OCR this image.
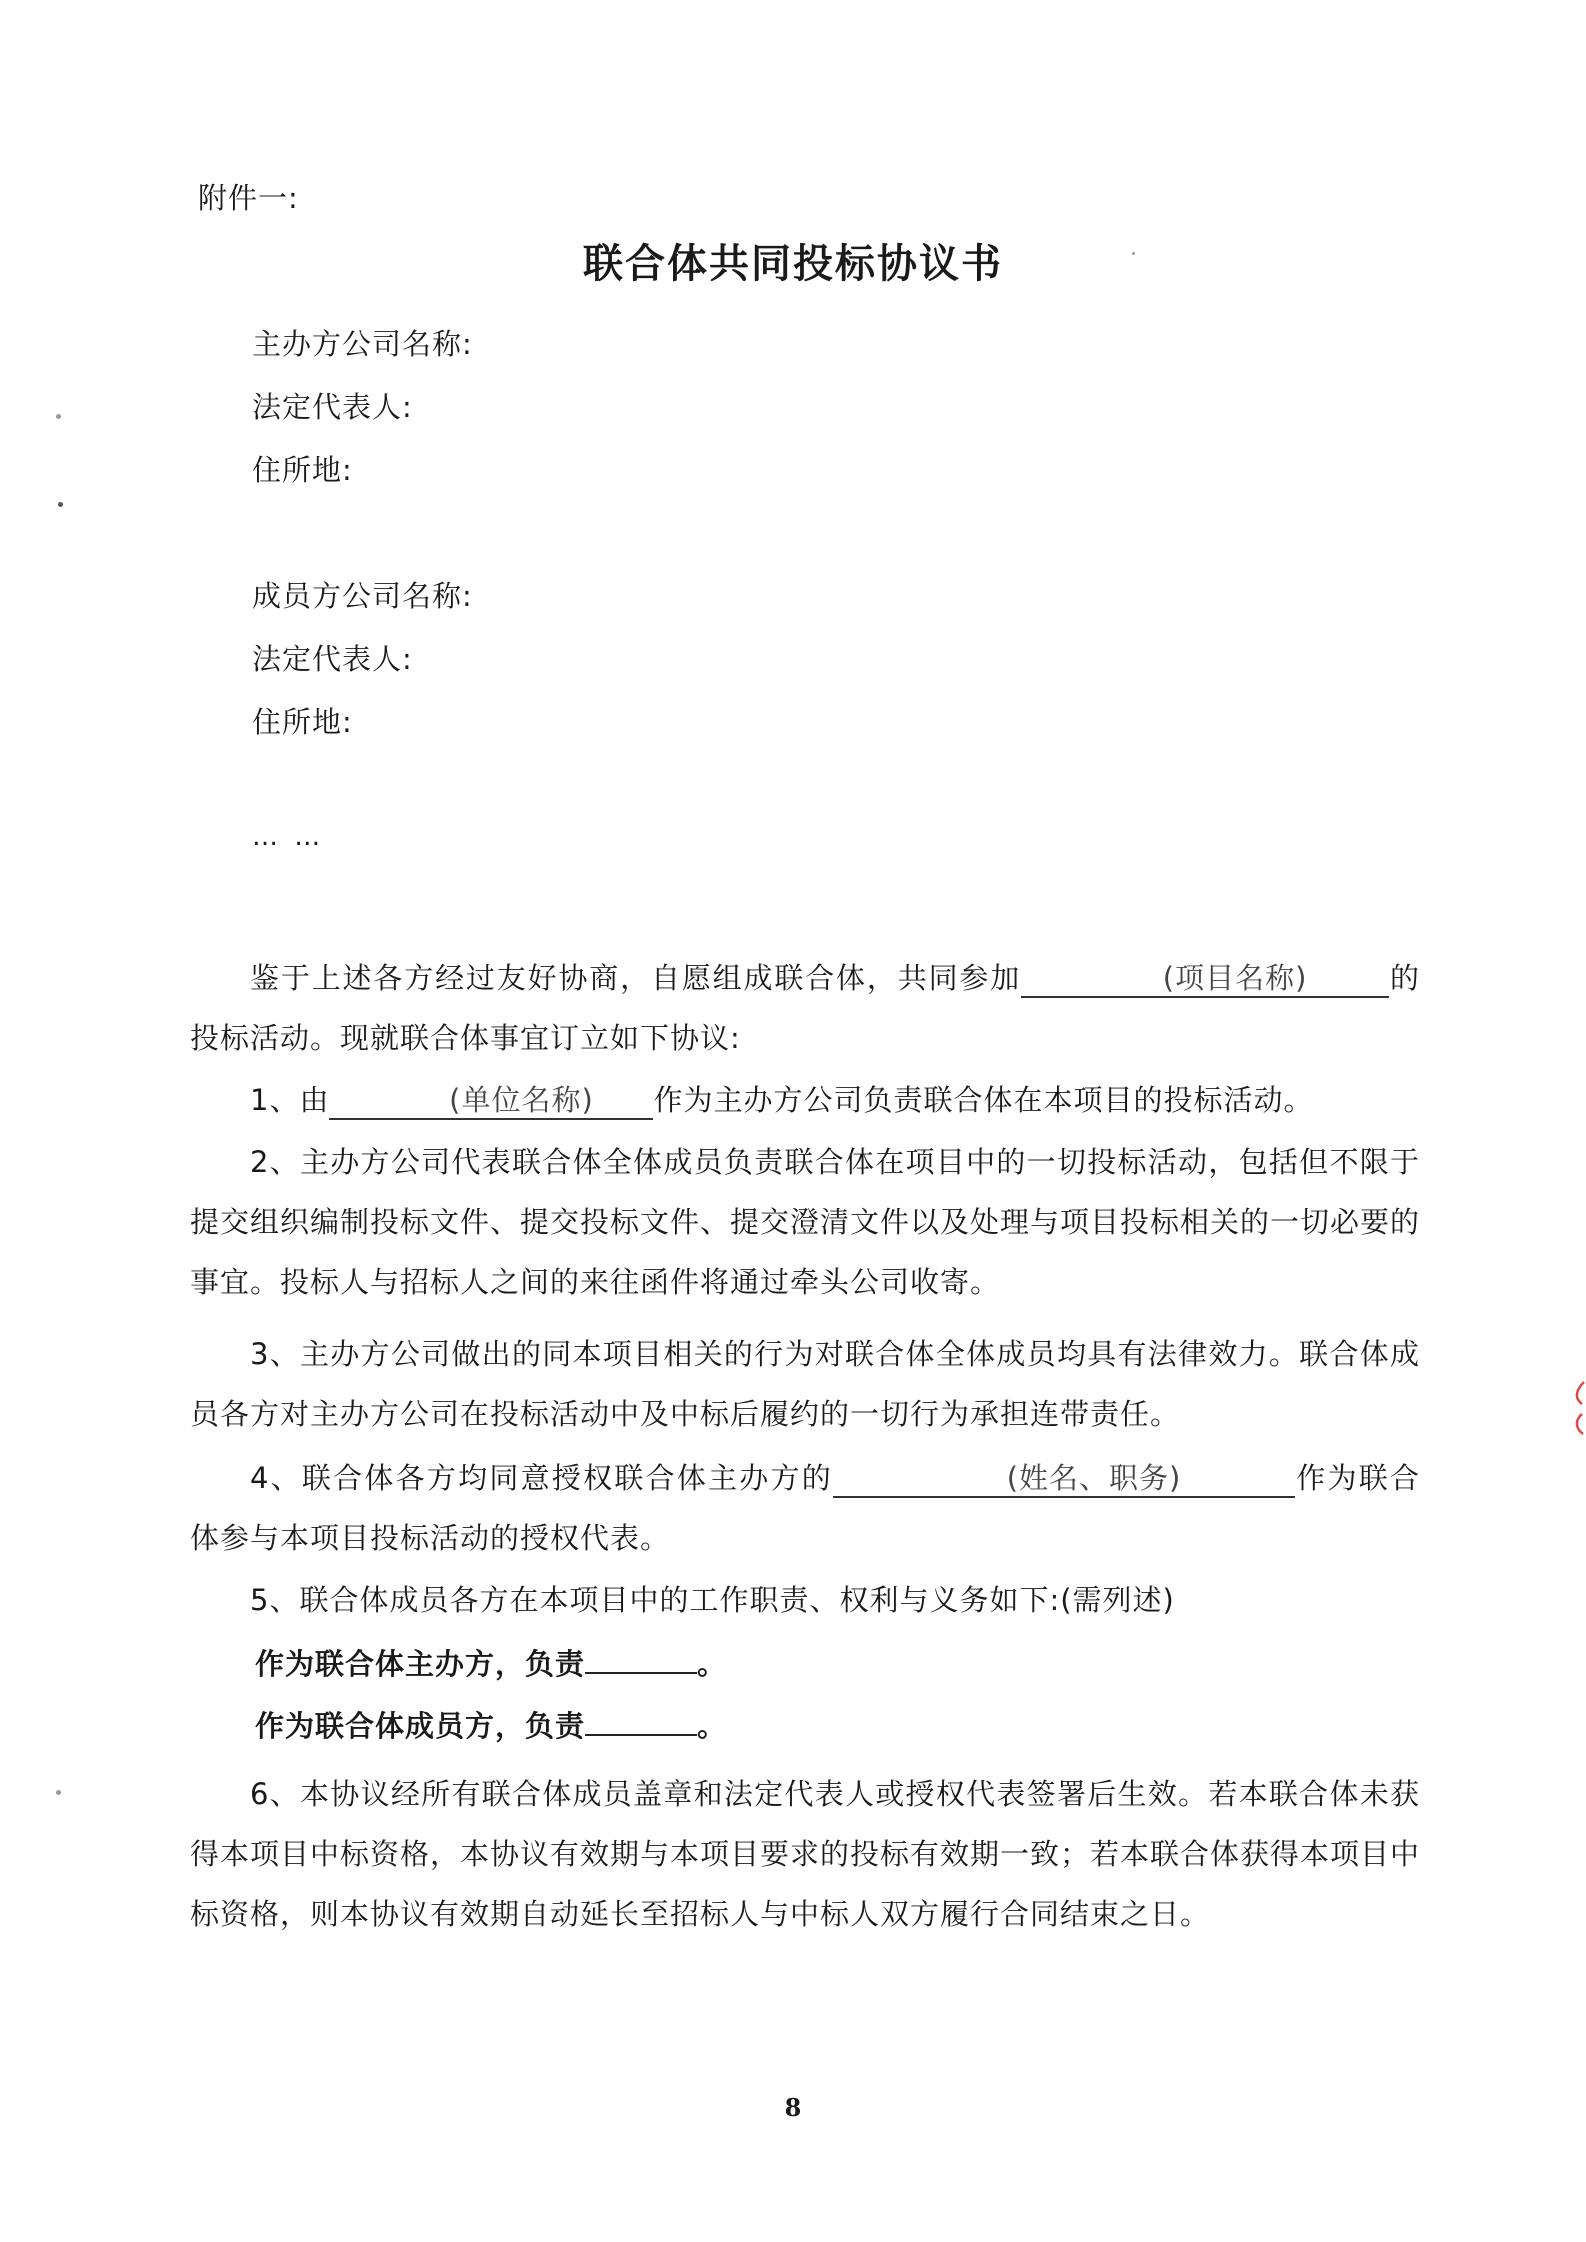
附件一:
联合体共同投标协议书
主办方公司名称:
法定代表人:
住所地:
成员方公司名称:
法定代表人:
住所地:
… …
鉴于上述各方经过友好协商，自愿组成联合体，共同参加	(项目名称)	的投标活动。现就联合体事宜订立如下协议:
1、由	(单位名称) 作为主办方公司负责联合体在本项目的投标活动。
2、主办方公司代表联合体全体成员负责联合体在项目中的一切投标活动，包括但不限于提交组织编制投标文件、提交投标文件、提交澄清文件以及处理与项目投标相关的一切必要的事宜。投标人与招标人之间的来往函件将通过牵头公司收寄。
3、主办方公司做出的同本项目相关的行为对联合体全体成员均具有法律效力。联合体成员各方对主办方公司在投标活动中及中标后履约的一切行为承担连带责任。
4、联合体各方均同意授权联合体主办方的	(姓名、职务)	作为联合体参与本项目投标活动的授权代表。
5、联合体成员各方在本项目中的工作职责、权利与义务如下:(需列述)
作为联合体主办方，负责	。
作为联合体成员方，负责	。
6、本协议经所有联合体成员盖章和法定代表人或授权代表签署后生效。若本联合体未获得本项目中标资格，本协议有效期与本项目要求的投标有效期一致；若本联合体获得本项目中标资格，则本协议有效期自动延长至招标人与中标人双方履行合同结束之日。
8
